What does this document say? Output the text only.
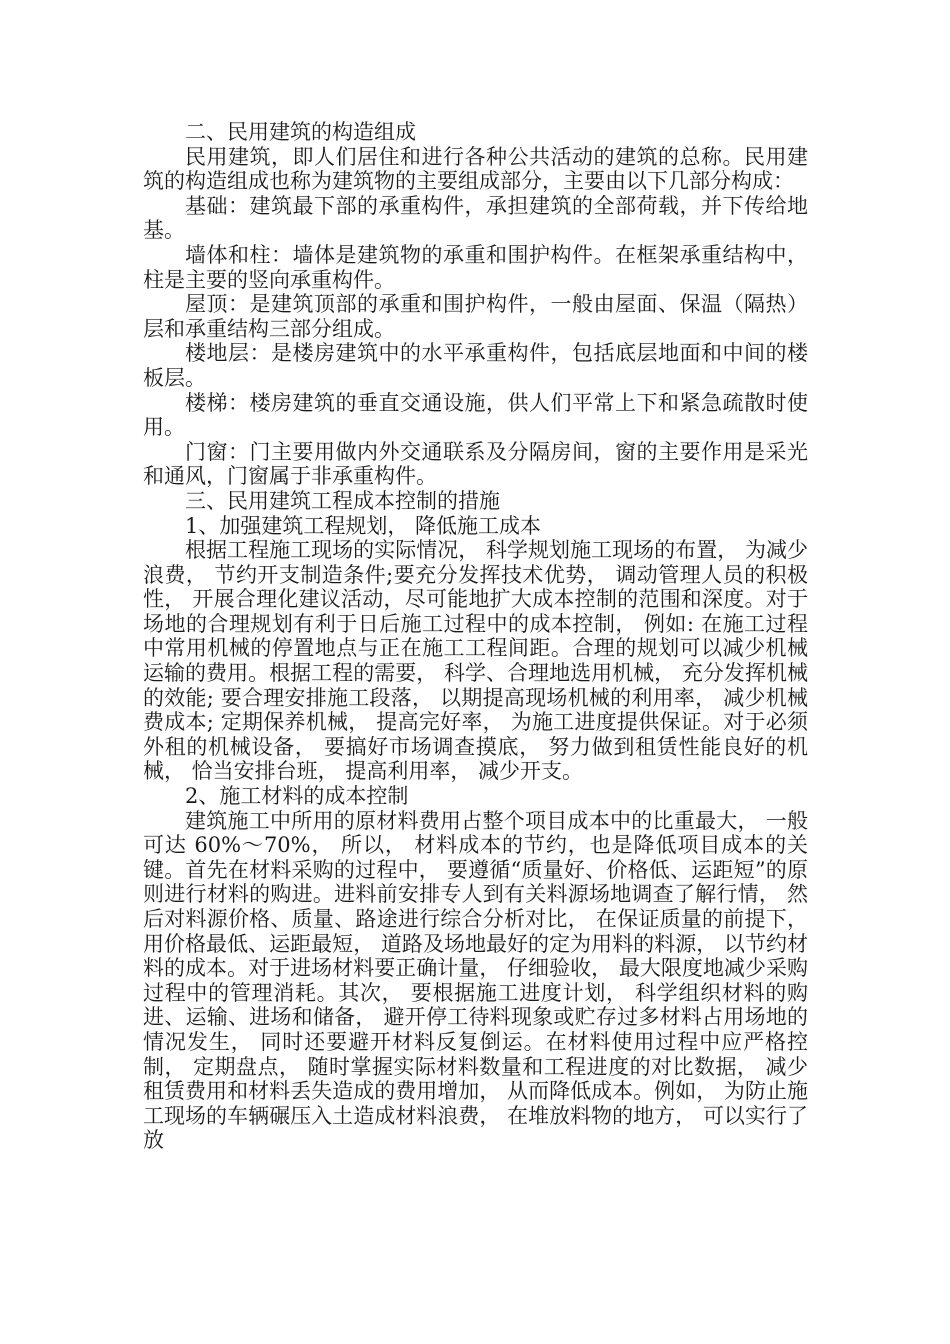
二、民用建筑的构造组成

民用建筑，即人们居住和进行各种公共活动的建筑的总称。民用建筑的构造组成也称为建筑物的主要组成部分，主要由以下几部分构成：

基础：建筑最下部的承重构件，承担建筑的全部荷载，并下传给地基。

墙体和柱：墙体是建筑物的承重和围护构件。在框架承重结构中，柱是主要的竖向承重构件。

屋顶：是建筑顶部的承重和围护构件，一般由屋面、保温（隔热）层和承重结构三部分组成。

楼地层：是楼房建筑中的水平承重构件，包括底层地面和中间的楼板层。

楼梯：楼房建筑的垂直交通设施，供人们平常上下和紧急疏散时使用。

门窗：门主要用做内外交通联系及分隔房间，窗的主要作用是采光和通风，门窗属于非承重构件。

三、民用建筑工程成本控制的措施

1、加强建筑工程规划， 降低施工成本

根据工程施工现场的实际情况， 科学规划施工现场的布置， 为减少浪费， 节约开支制造条件;要充分发挥技术优势， 调动管理人员的积极性， 开展合理化建议活动，尽可能地扩大成本控制的范围和深度。对于场地的合理规划有利于日后施工过程中的成本控制， 例如: 在施工过程中常用机械的停置地点与正在施工工程间距。合理的规划可以减少机械运输的费用。根据工程的需要， 科学、合理地选用机械， 充分发挥机械的效能; 要合理安排施工段落， 以期提高现场机械的利用率， 减少机械费成本; 定期保养机械， 提高完好率， 为施工进度提供保证。对于必须外租的机械设备， 要搞好市场调查摸底， 努力做到租赁性能良好的机械， 恰当安排台班， 提高利用率， 减少开支。

2、施工材料的成本控制

建筑施工中所用的原材料费用占整个项目成本中的比重最大， 一般可达 60%～70%， 所以， 材料成本的节约，也是降低项目成本的关键。首先在材料采购的过程中， 要遵循“质量好、价格低、运距短”的原则进行材料的购进。进料前安排专人到有关料源场地调查了解行情， 然后对料源价格、质量、路途进行综合分析对比， 在保证质量的前提下， 用价格最低、运距最短， 道路及场地最好的定为用料的料源， 以节约材料的成本。对于进场材料要正确计量， 仔细验收， 最大限度地减少采购过程中的管理消耗。其次， 要根据施工进度计划， 科学组织材料的购进、运输、进场和储备， 避开停工待料现象或贮存过多材料占用场地的情况发生， 同时还要避开材料反复倒运。在材料使用过程中应严格控制， 定期盘点， 随时掌握实际材料数量和工程进度的对比数据， 减少租赁费用和材料丢失造成的费用增加， 从而降低成本。例如， 为防止施工现场的车辆碾压入土造成材料浪费， 在堆放料物的地方， 可以实行了放
